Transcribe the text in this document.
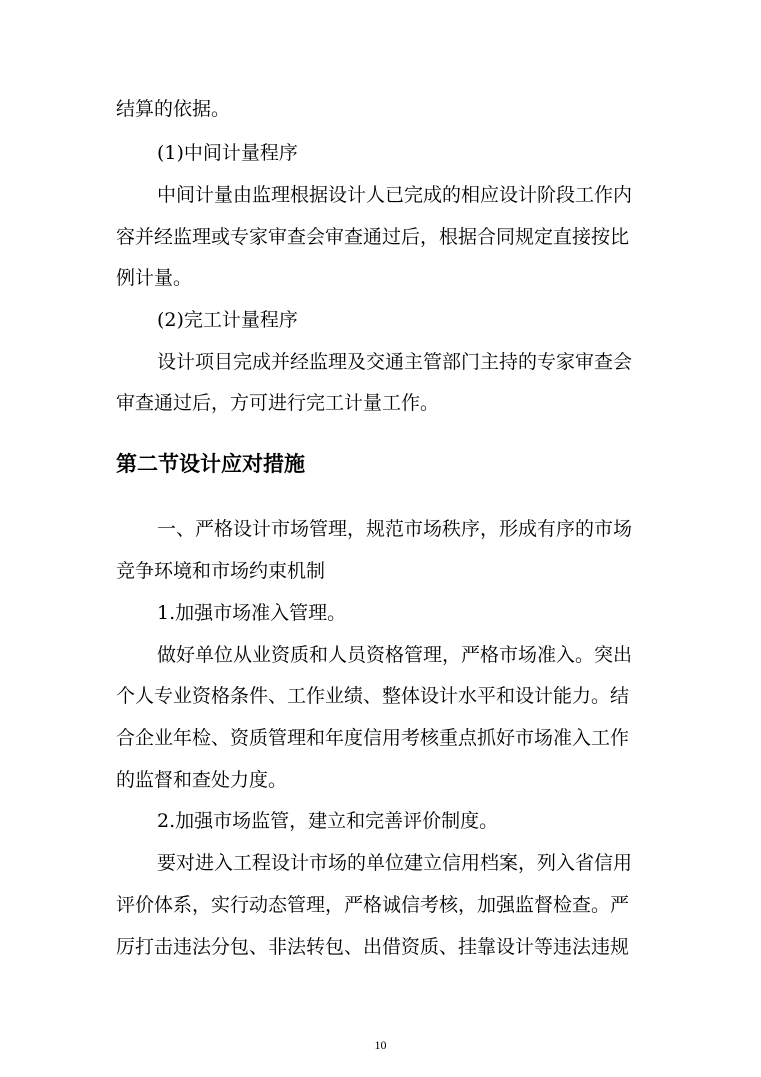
结算的依据。
(1)中间计量程序
中间计量由监理根据设计人已完成的相应设计阶段工作内
容并经监理或专家审查会审查通过后，根据合同规定直接按比
例计量。
(2)完工计量程序
设计项目完成并经监理及交通主管部门主持的专家审查会
审查通过后，方可进行完工计量工作。
第二节设计应对措施
一、严格设计市场管理，规范市场秩序，形成有序的市场
竞争环境和市场约束机制
1.加强市场准入管理。
做好单位从业资质和人员资格管理，严格市场准入。突出
个人专业资格条件、工作业绩、整体设计水平和设计能力。结
合企业年检、资质管理和年度信用考核重点抓好市场准入工作
的监督和查处力度。
2.加强市场监管，建立和完善评价制度。
要对进入工程设计市场的单位建立信用档案，列入省信用
评价体系，实行动态管理，严格诚信考核，加强监督检查。严
厉打击违法分包、非法转包、出借资质、挂靠设计等违法违规
10
